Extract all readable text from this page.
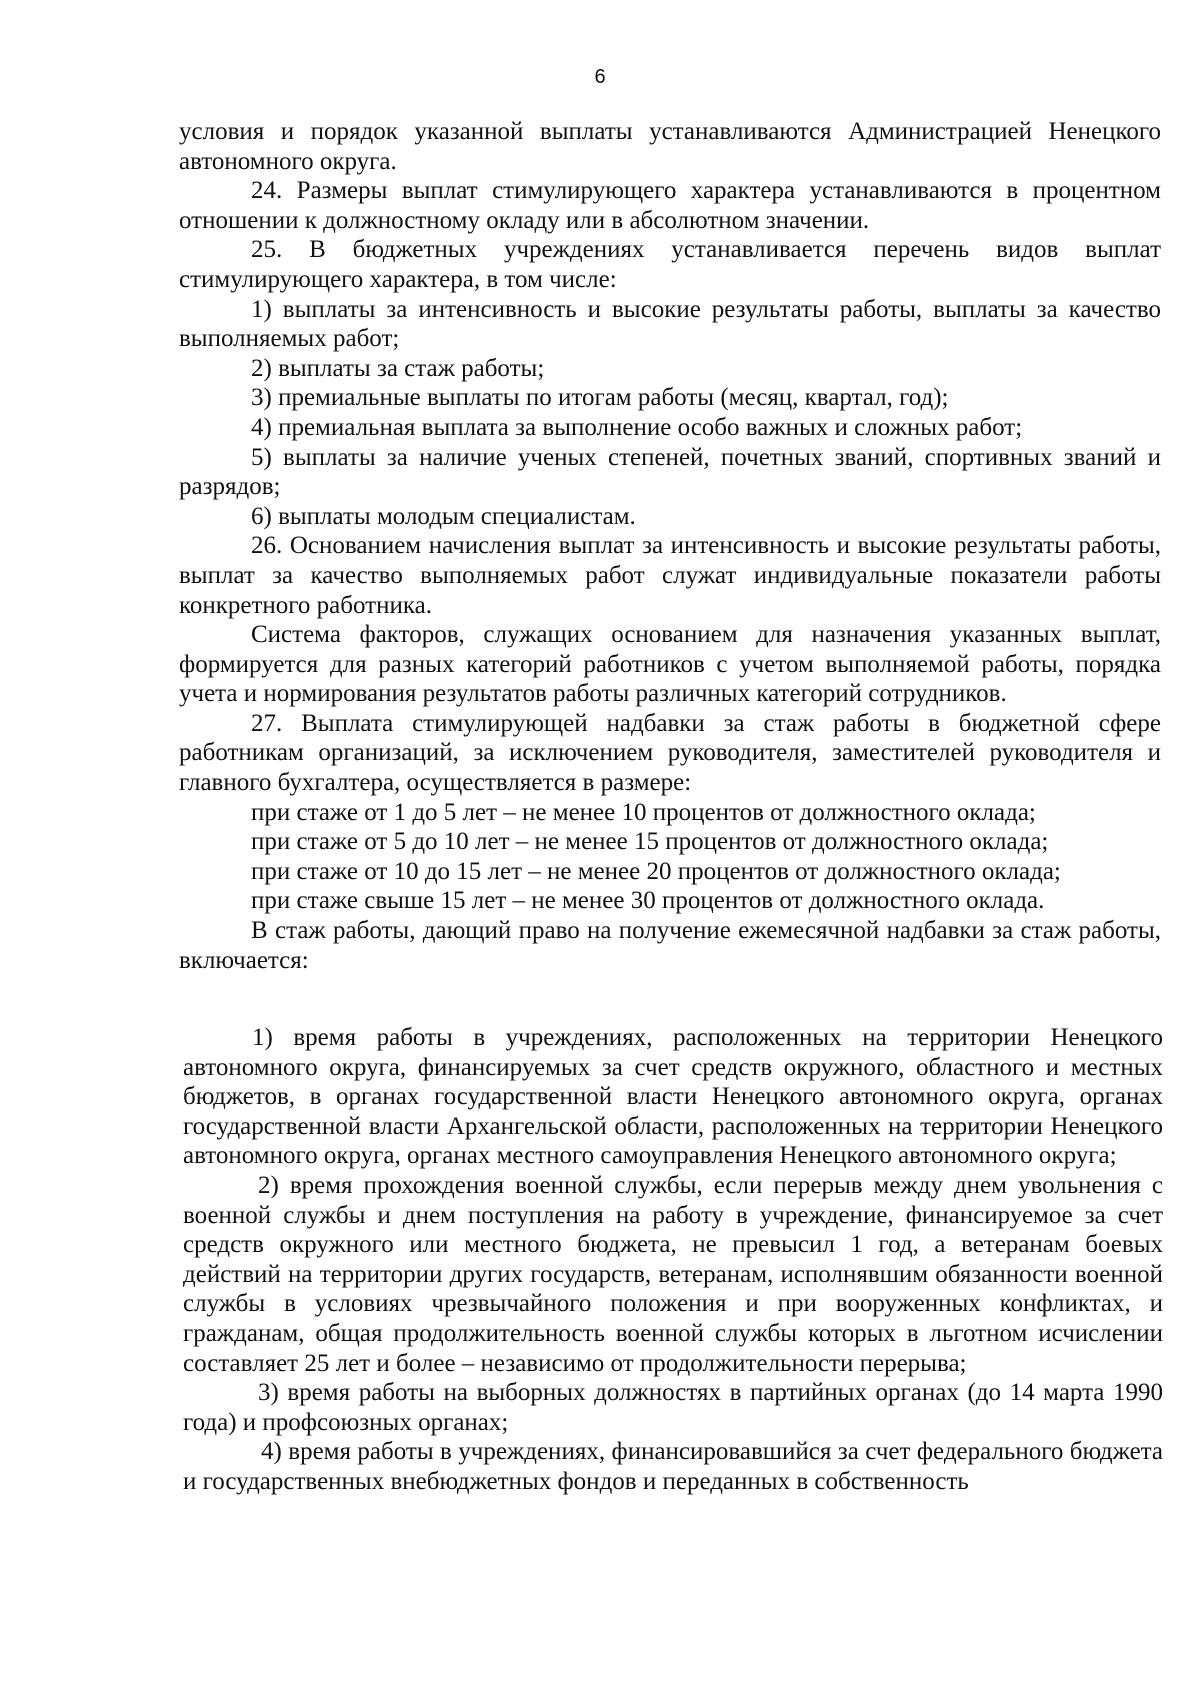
6

условия и порядок указанной выплаты устанавливаются Администрацией Ненецкого автономного округа.

24. Размеры выплат стимулирующего характера устанавливаются в процентном отношении к должностному окладу или в абсолютном значении.

25. В бюджетных учреждениях устанавливается перечень видов выплат стимулирующего характера, в том числе:

1) выплаты за интенсивность и высокие результаты работы, выплаты за качество выполняемых работ;

2) выплаты за стаж работы;

3) премиальные выплаты по итогам работы (месяц, квартал, год);

4) премиальная выплата за выполнение особо важных и сложных работ;

5) выплаты за наличие ученых степеней, почетных званий, спортивных званий и разрядов;

6) выплаты молодым специалистам.

26. Основанием начисления выплат за интенсивность и высокие результаты работы, выплат за качество выполняемых работ служат индивидуальные показатели работы конкретного работника.

Система факторов, служащих основанием для назначения указанных выплат, формируется для разных категорий работников с учетом выполняемой работы, порядка учета и нормирования результатов работы различных категорий сотрудников.

27. Выплата стимулирующей надбавки за стаж работы в бюджетной сфере работникам организаций, за исключением руководителя, заместителей руководителя и главного бухгалтера, осуществляется в размере:

при стаже от 1 до 5 лет – не менее 10 процентов от должностного оклада;

при стаже от 5 до 10 лет – не менее 15 процентов от должностного оклада;

при стаже от 10 до 15 лет – не менее 20 процентов от должностного оклада;

при стаже свыше 15 лет – не менее 30 процентов от должностного оклада.

В стаж работы, дающий право на получение ежемесячной надбавки за стаж работы, включается:

1) время работы в учреждениях, расположенных на территории Ненецкого автономного округа, финансируемых за счет средств окружного, областного и местных бюджетов, в органах государственной власти Ненецкого автономного округа, органах государственной власти Архангельской области, расположенных на территории Ненецкого автономного округа, органах местного самоуправления Ненецкого автономного округа;

2) время прохождения военной службы, если перерыв между днем увольнения с военной службы и днем поступления на работу в учреждение, финансируемое за счет средств окружного или местного бюджета, не превысил 1 год, а ветеранам боевых действий на территории других государств, ветеранам, исполнявшим обязанности военной службы в условиях чрезвычайного положения и при вооруженных конфликтах, и гражданам, общая продолжительность военной службы которых в льготном исчислении составляет 25 лет и более – независимо от продолжительности перерыва;

3) время работы на выборных должностях в партийных органах (до 14 марта 1990 года) и профсоюзных органах;

4) время работы в учреждениях, финансировавшийся за счет федерального бюджета и государственных внебюджетных фондов и переданных в собственность
